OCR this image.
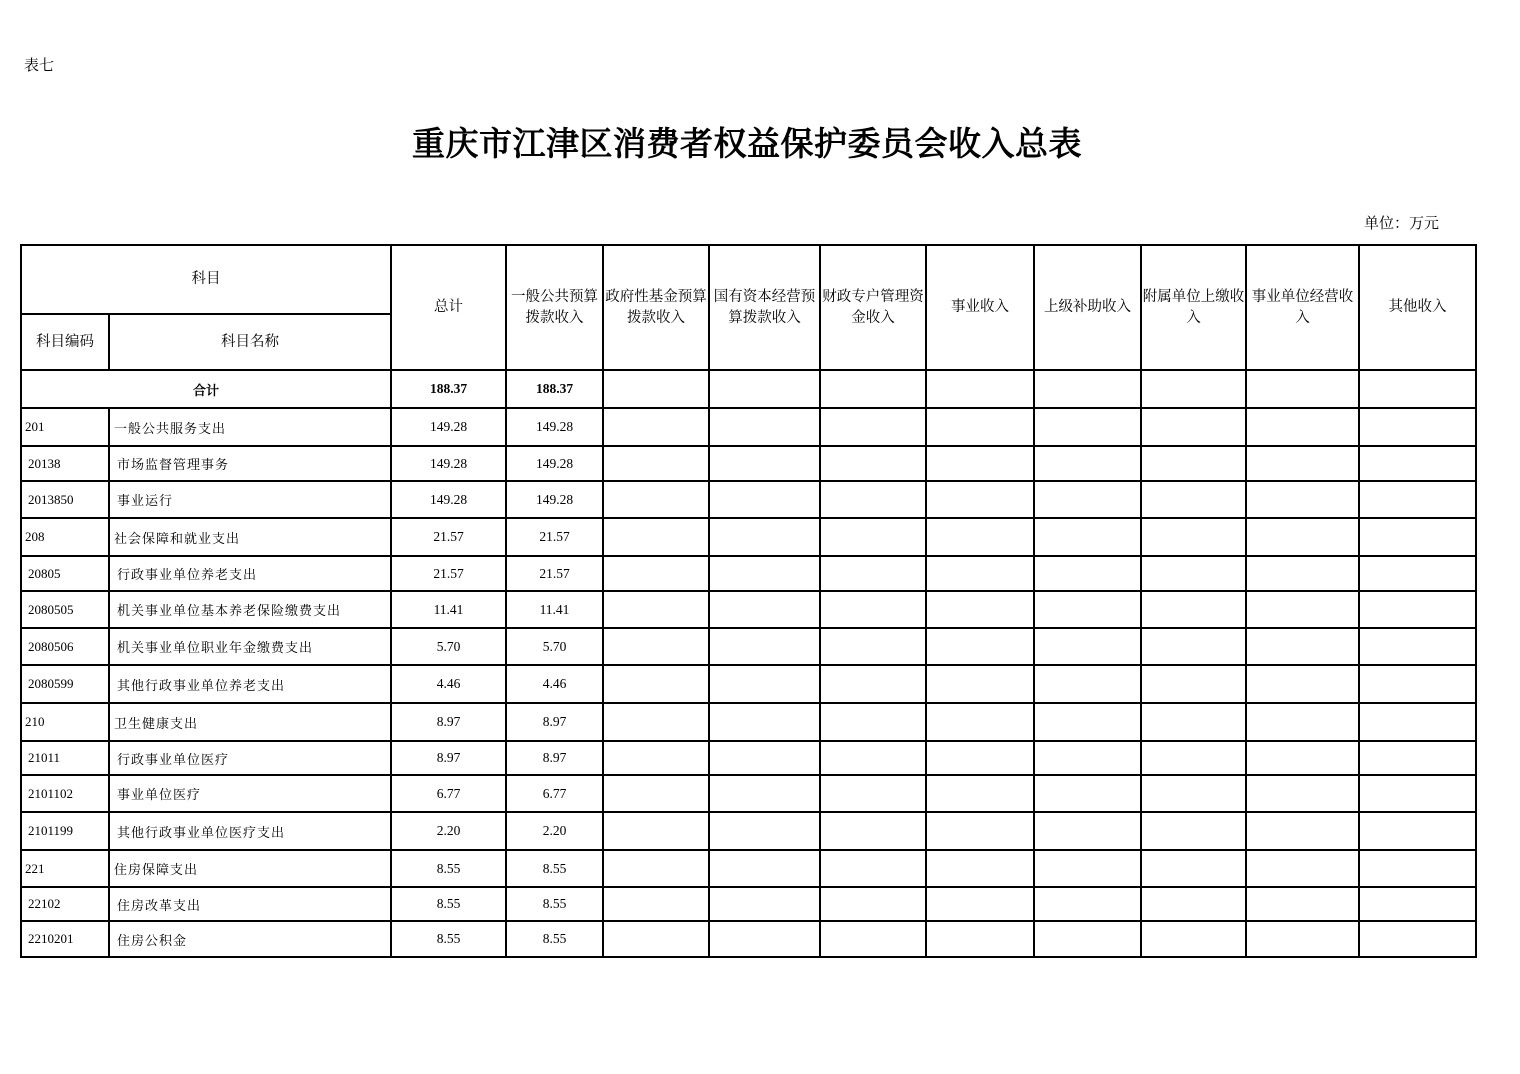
表七
重庆市江津区消费者权益保护委员会收入总表
单位：万元
科目		总计	一般公共预算拨款收入	政府性基金预算拨款收入	国有资本经营预算拨款收入	财政专户管理资金收入	事业收入	上级补助收入	附属单位上缴收入	事业单位经营收入	其他收入
科目编码	科目名称										
合计		188.37	188.37								
201	一般公共服务支出	149.28	149.28								
20138	市场监督管理事务	149.28	149.28								
2013850	事业运行	149.28	149.28								
208	社会保障和就业支出	21.57	21.57								
20805	行政事业单位养老支出	21.57	21.57								
2080505	机关事业单位基本养老保险缴费支出	11.41	11.41								
2080506	机关事业单位职业年金缴费支出	5.70	5.70								
2080599	其他行政事业单位养老支出	4.46	4.46								
210	卫生健康支出	8.97	8.97								
21011	行政事业单位医疗	8.97	8.97								
2101102	事业单位医疗	6.77	6.77								
2101199	其他行政事业单位医疗支出	2.20	2.20								
221	住房保障支出	8.55	8.55								
22102	住房改革支出	8.55	8.55								
2210201	住房公积金	8.55	8.55								
